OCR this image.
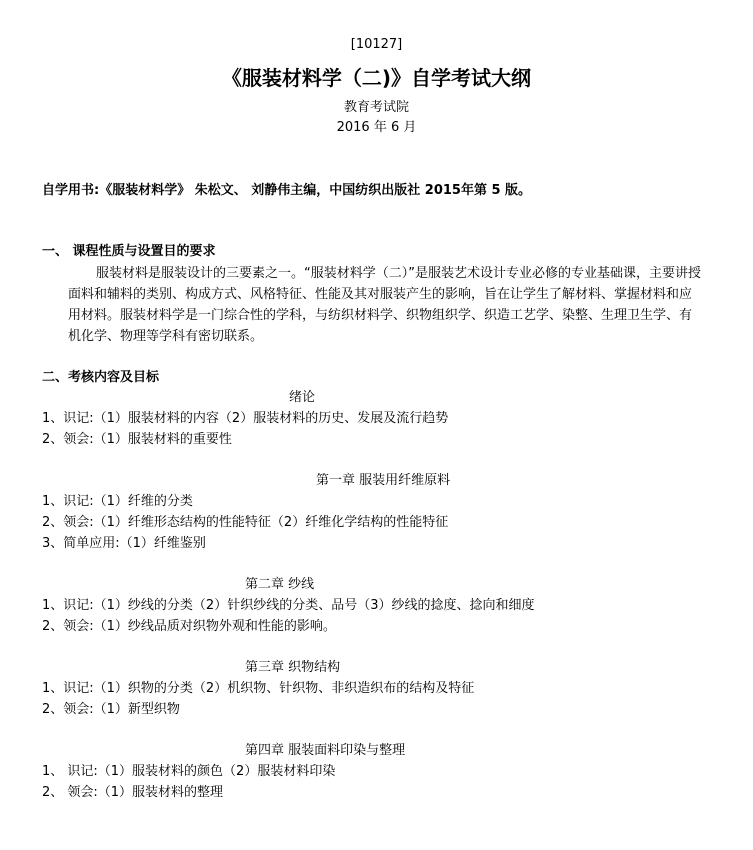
[10127]
《服装材料学（二)》自学考试大纲
教育考试院
2016 年 6 月
自学用书:《服装材料学》 朱松文、 刘静伟主编，中国纺织出版社 2015年第 5 版。
一、 课程性质与设置目的要求
服装材料是服装设计的三要素之一。“服装材料学（二）”是服装艺术设计专业必修的专业基础课，主要讲授
面料和辅料的类别、构成方式、风格特征、性能及其对服装产生的影响，旨在让学生了解材料、掌握材料和应
用材料。服装材料学是一门综合性的学科，与纺织材料学、织物组织学、织造工艺学、染整、生理卫生学、有
机化学、物理等学科有密切联系。
二、考核内容及目标
绪论
1、识记:（1）服装材料的内容（2）服装材料的历史、发展及流行趋势
2、领会:（1）服装材料的重要性
第一章 服装用纤维原料
1、识记:（1）纤维的分类
2、领会:（1）纤维形态结构的性能特征（2）纤维化学结构的性能特征
3、简单应用:（1）纤维鉴别
第二章 纱线
1、识记:（1）纱线的分类（2）针织纱线的分类、品号（3）纱线的捻度、捻向和细度
2、领会:（1）纱线品质对织物外观和性能的影响。
第三章 织物结构
1、识记:（1）织物的分类（2）机织物、针织物、非织造织布的结构及特征
2、领会:（1）新型织物
第四章 服装面料印染与整理
1、 识记:（1）服装材料的颜色（2）服装材料印染
2、 领会:（1）服装材料的整理
